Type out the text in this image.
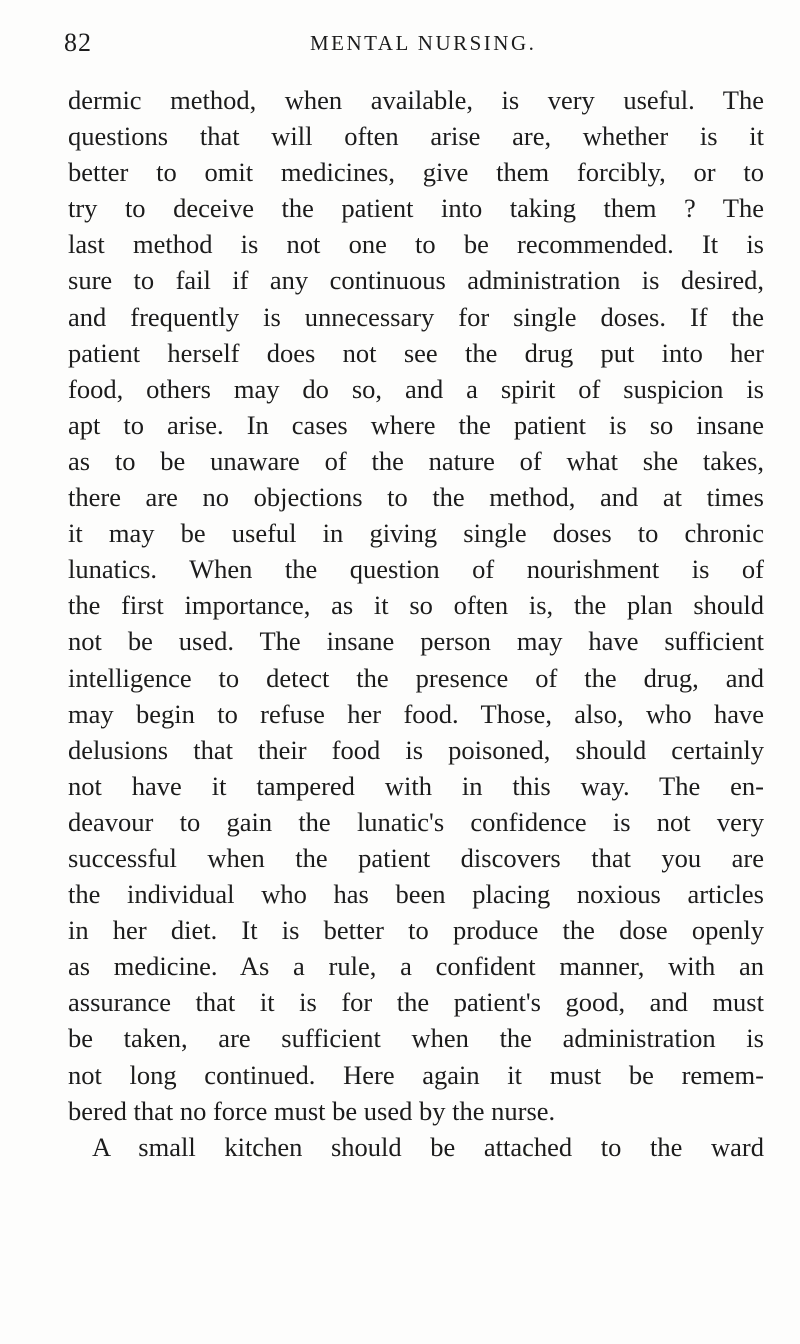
82	MENTAL NURSING.
dermic method, when available, is very useful. The
questions that will often arise are, whether is it
better to omit medicines, give them forcibly, or to
try to deceive the patient into taking them ? The
last method is not one to be recommended. It is
sure to fail if any continuous administration is desired,
and frequently is unnecessary for single doses. If the
patient herself does not see the drug put into her
food, others may do so, and a spirit of suspicion is
apt to arise. In cases where the patient is so insane
as to be unaware of the nature of what she takes,
there are no objections to the method, and at times
it may be useful in giving single doses to chronic
lunatics. When the question of nourishment is of
the first importance, as it so often is, the plan should
not be used. The insane person may have sufficient
intelligence to detect the presence of the drug, and
may begin to refuse her food. Those, also, who have
delusions that their food is poisoned, should certainly
not have it tampered with in this way. The en-
deavour to gain the lunatic's confidence is not very
successful when the patient discovers that you are
the individual who has been placing noxious articles
in her diet. It is better to produce the dose openly
as medicine. As a rule, a confident manner, with an
assurance that it is for the patient's good, and must
be taken, are sufficient when the administration is
not long continued. Here again it must be remem-
bered that no force must be used by the nurse.
A small kitchen should be attached to the ward
